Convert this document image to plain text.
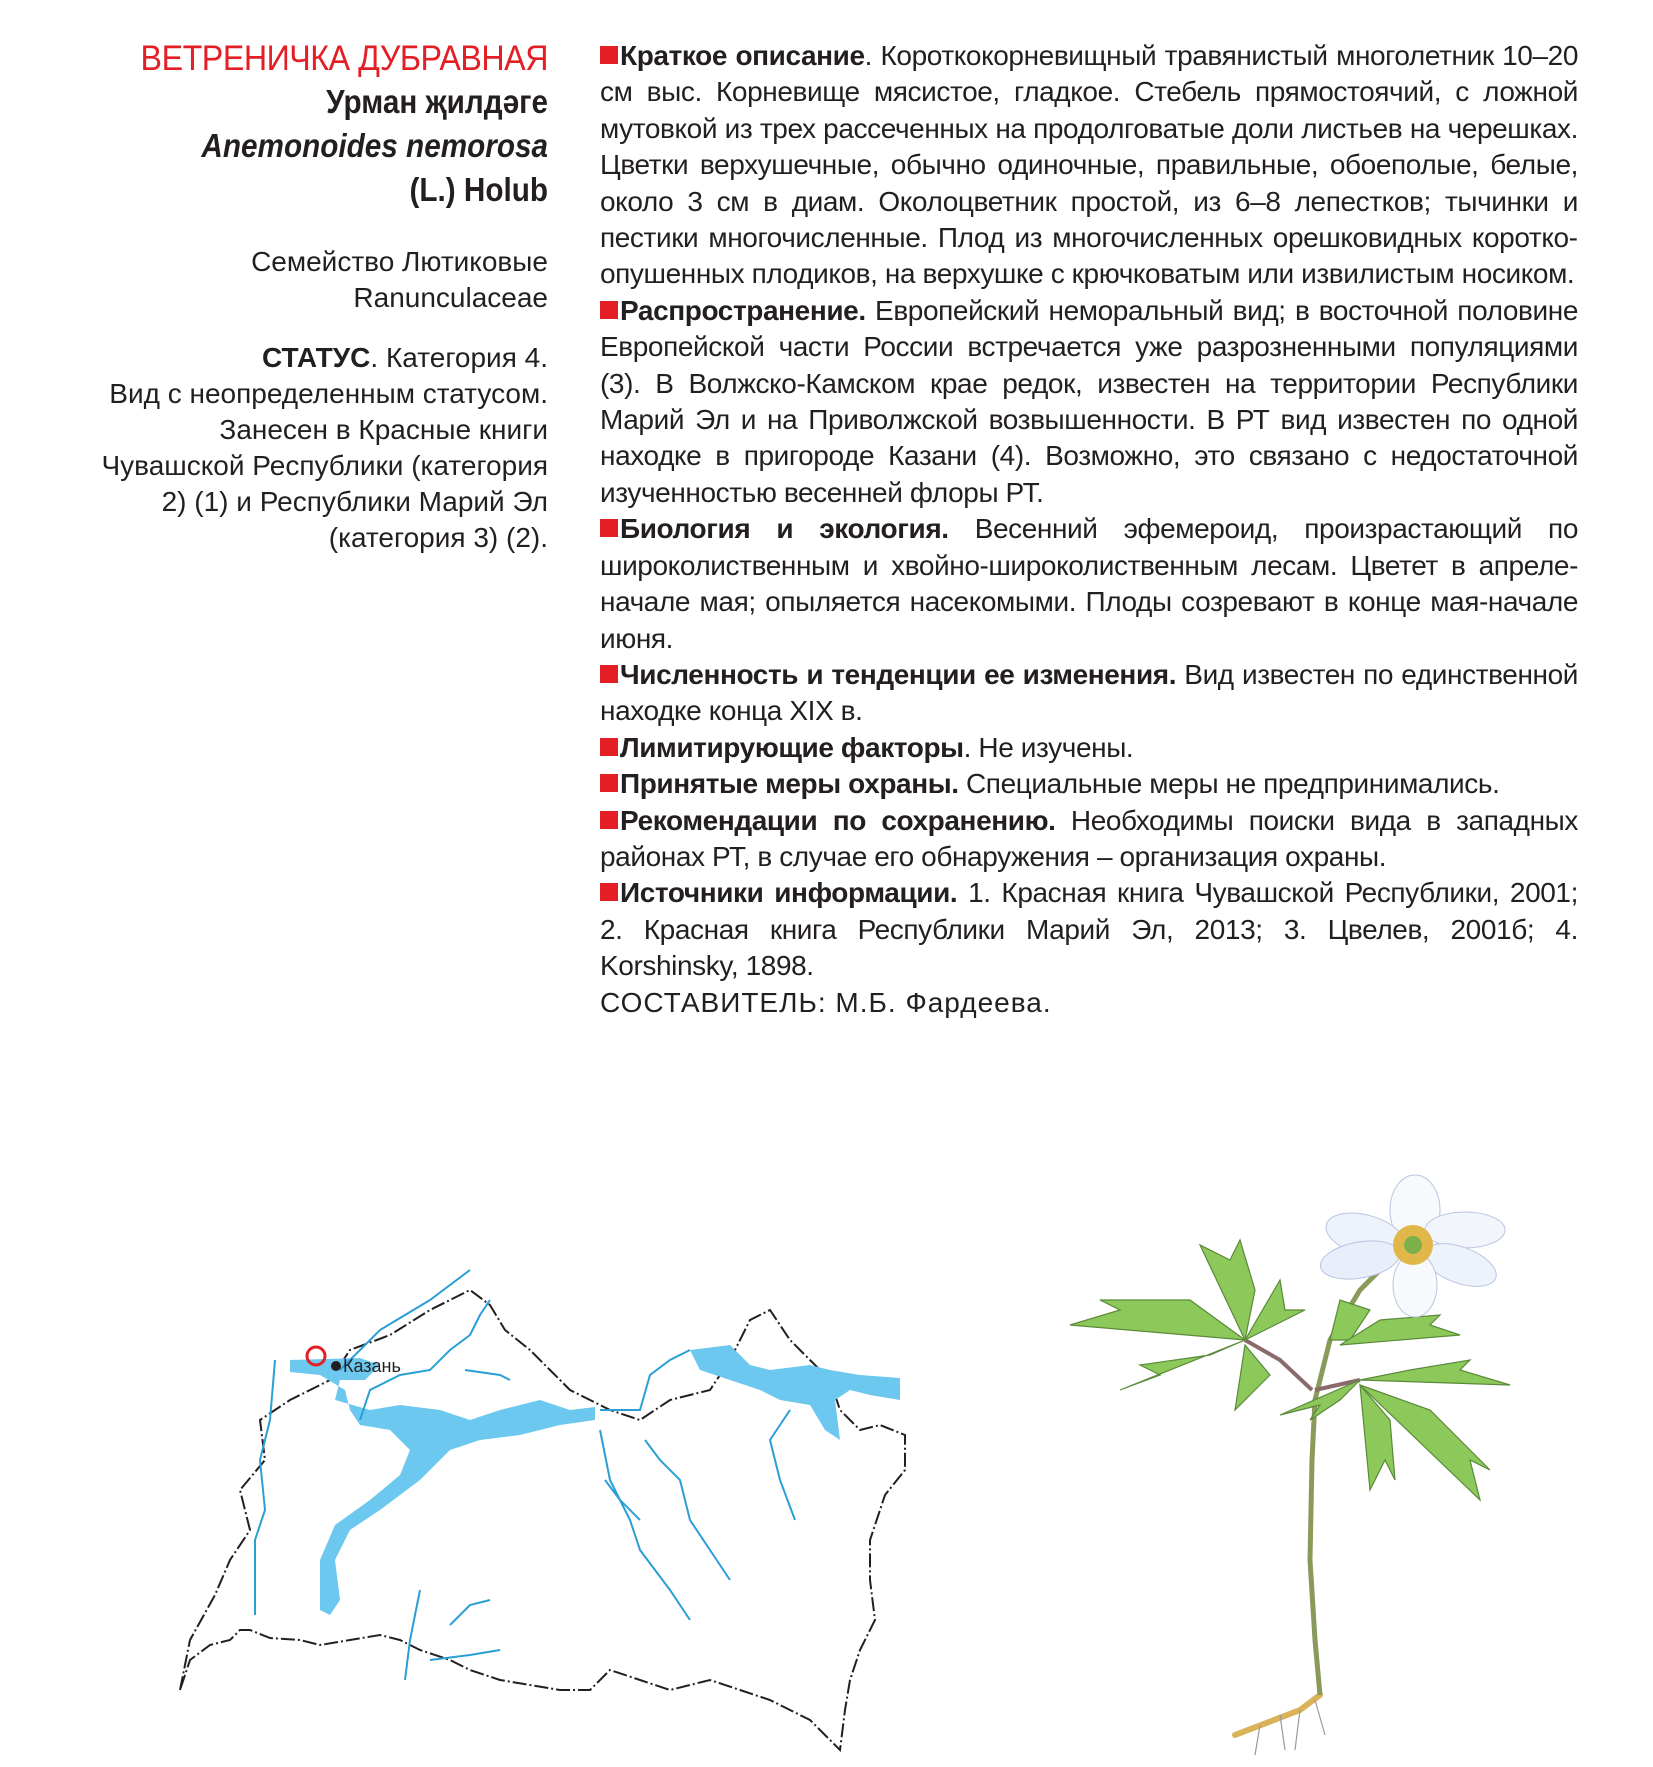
ВЕТРЕНИЧКА ДУБРАВНАЯ
Урман җилдәге
Anemonoides nemorosa
(L.) Holub
Семейство Лютиковые
Ranunculaceae
СТАТУС. Категория 4.
Вид с неопределенным статусом.
Занесен в Красные книги Чувашской Республики (категория 2) (1) и Республики Марий Эл (категория 3) (2).

Краткое описание. Короткокорневищный травянистый многолетник 10–20 см выс. Корневище мясистое, гладкое. Стебель прямостоячий, с ложной мутовкой из трех рассеченных на продолговатые доли листьев на черешках. Цветки верхушечные, обычно одиночные, правильные, обоеполые, белые, около 3 см в диам. Околоцветник простой, из 6–8 лепестков; тычинки и пестики многочисленные. Плод из многочисленных орешковидных короткоопушенных плодиков, на верхушке с крючковатым или извилистым носиком.

Распространение. Европейский неморальный вид; в восточной половине Европейской части России встречается уже разрозненными популяциями (3). В Волжско-Камском крае редок, известен на территории Республики Марий Эл и на Приволжской возвышенности. В РТ вид известен по одной находке в пригороде Казани (4). Возможно, это связано с недостаточной изученностью весенней флоры РТ.

Биология и экология. Весенний эфемероид, произрастающий по широколиственным и хвойно-широколиственным лесам. Цветет в апреле-начале мая; опыляется насекомыми. Плоды созревают в конце мая-начале июня.

Численность и тенденции ее изменения. Вид известен по единственной находке конца XIX в.

Лимитирующие факторы. Не изучены.

Принятые меры охраны. Специальные меры не предпринимались.

Рекомендации по сохранению. Необходимы поиски вида в западных районах РТ, в случае его обнаружения – организация охраны.

Источники информации. 1. Красная книга Чувашской Республики, 2001; 2. Красная книга Республики Марий Эл, 2013; 3. Цвелев, 2001б; 4. Korshinsky, 1898.

СОСТАВИТЕЛЬ: М.Б. Фардеева.

Казань
